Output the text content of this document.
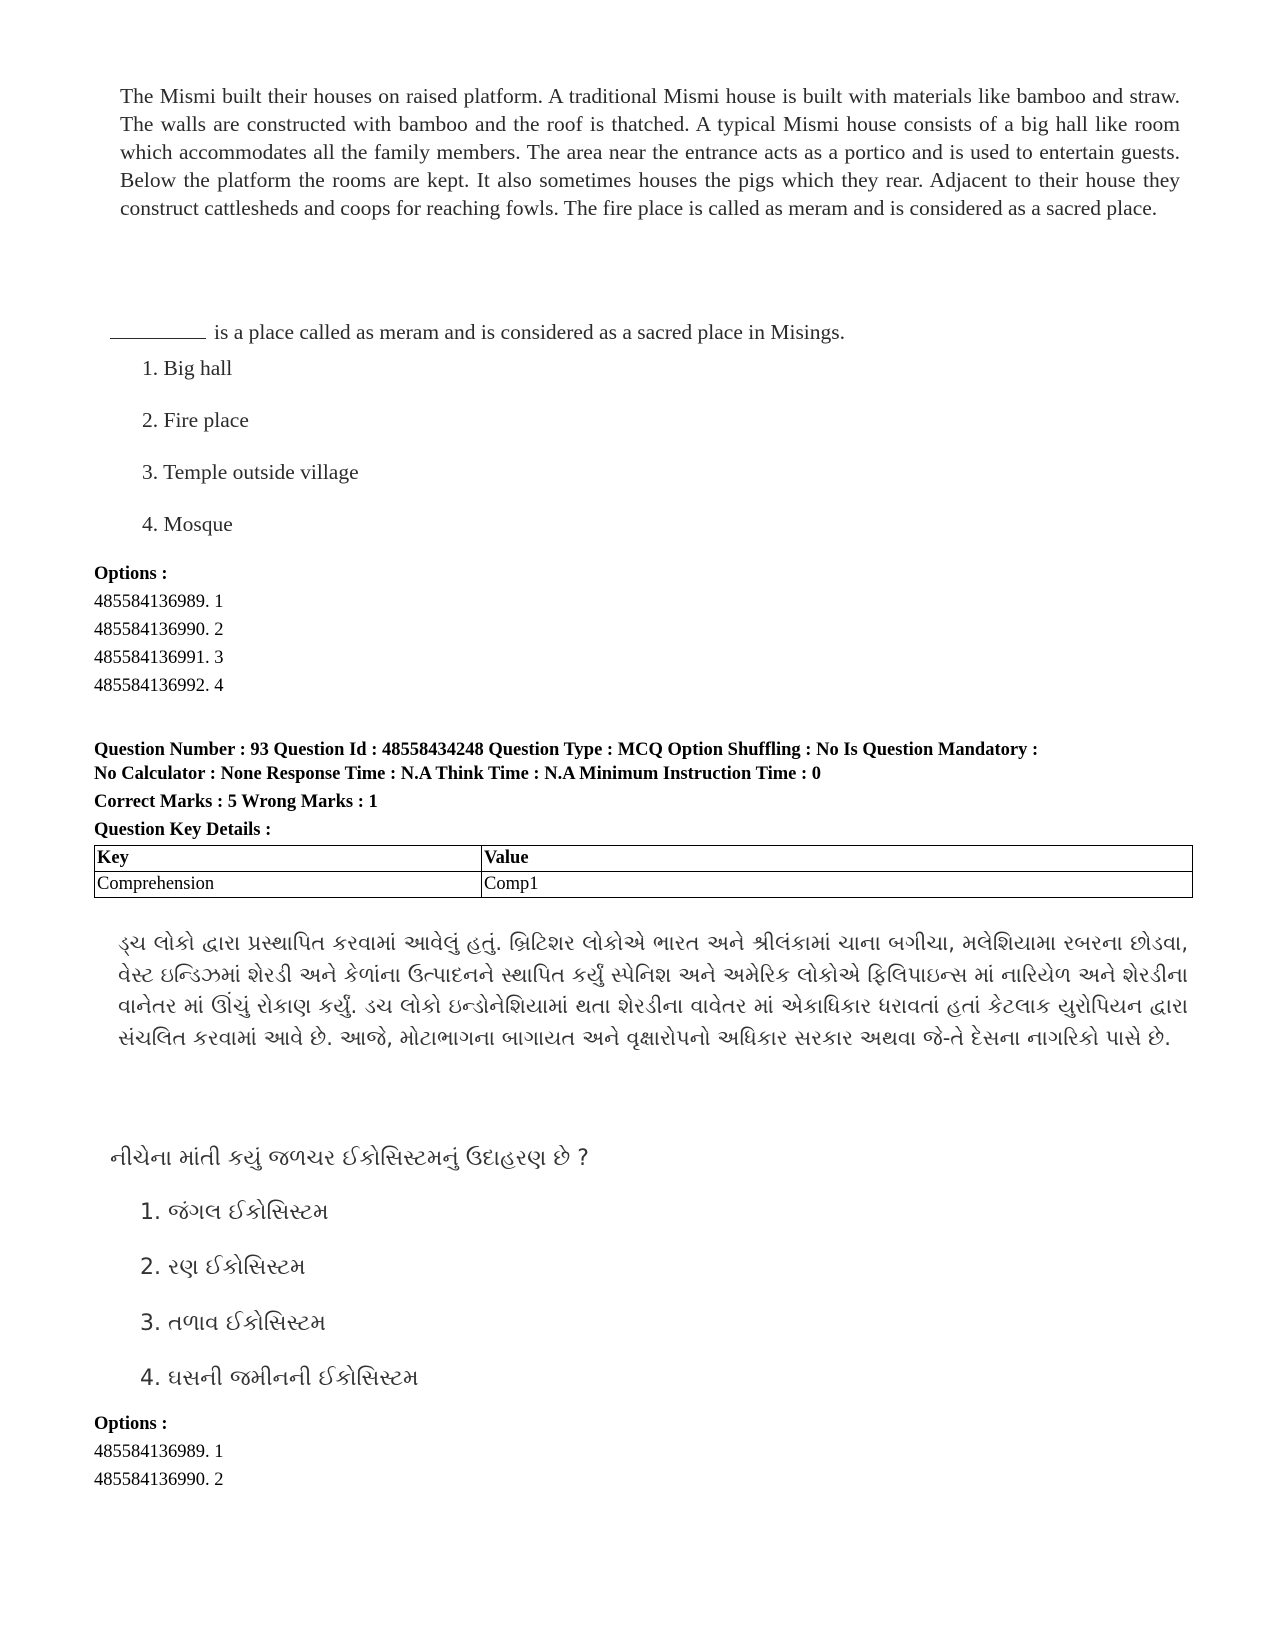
The Mismi built their houses on raised platform. A traditional Mismi house is built with materials like bamboo and straw. The walls are constructed with bamboo and the roof is thatched. A typical Mismi house consists of a big hall like room which accommodates all the family members. The area near the entrance acts as a portico and is used to entertain guests. Below the platform the rooms are kept. It also sometimes houses the pigs which they rear. Adjacent to their house they construct cattlesheds and coops for reaching fowls. The fire place is called as meram and is considered as a sacred place.
is a place called as meram and is considered as a sacred place in Misings.
1. Big hall
2. Fire place
3. Temple outside village
4. Mosque
Options :
485584136989. 1
485584136990. 2
485584136991. 3
485584136992. 4
Question Number : 93 Question Id : 48558434248 Question Type : MCQ Option Shuffling : No Is Question Mandatory :
No Calculator : None Response Time : N.A Think Time : N.A Minimum Instruction Time : 0
Correct Marks : 5 Wrong Marks : 1
Question Key Details :
Key	Value
Comprehension	Comp1
ડ્ચ લોકો દ્વારા પ્રસ્થાપિત કરવામાં આવેલું હતું. બ્રિટિશર લોકોએ ભારત અને શ્રીલંકામાં ચાના બગીચા, મલેશિયામા રબરના છોડવા, વેસ્ટ ઇન્ડિઝમાં શેરડી અને કેળાંના ઉત્પાદનને સ્થાપિત કર્યું સ્પેનિશ અને અમેરિક લોકોએ ફિલિપાઇન્સ માં નારિયેળ અને શેરડીના વાનેતર માં ઊંચું રોકાણ કર્યું. ડચ લોકો ઇન્ડોનેશિયામાં થતા શેરડીના વાવેતર માં એકાધિકાર ધરાવતાં હતાં કેટલાક યુરોપિયન દ્વારા સંચલિત કરવામાં આવે છે. આજે, મોટાભાગના બાગાયત અને વૃક્ષારોપનો અધિકાર સરકાર અથવા જે-તે દેસના નાગરિકો પાસે છે.
નીચેના માંતી કયું જળચર ઈકોસિસ્ટમનું ઉદાહરણ છે ?
1. જંગલ ઈકોસિસ્ટમ
2. રણ ઈકોસિસ્ટમ
3. તળાવ ઈકોસિસ્ટમ
4. ઘસની જમીનની ઈકોસિસ્ટમ
Options :
485584136989. 1
485584136990. 2
